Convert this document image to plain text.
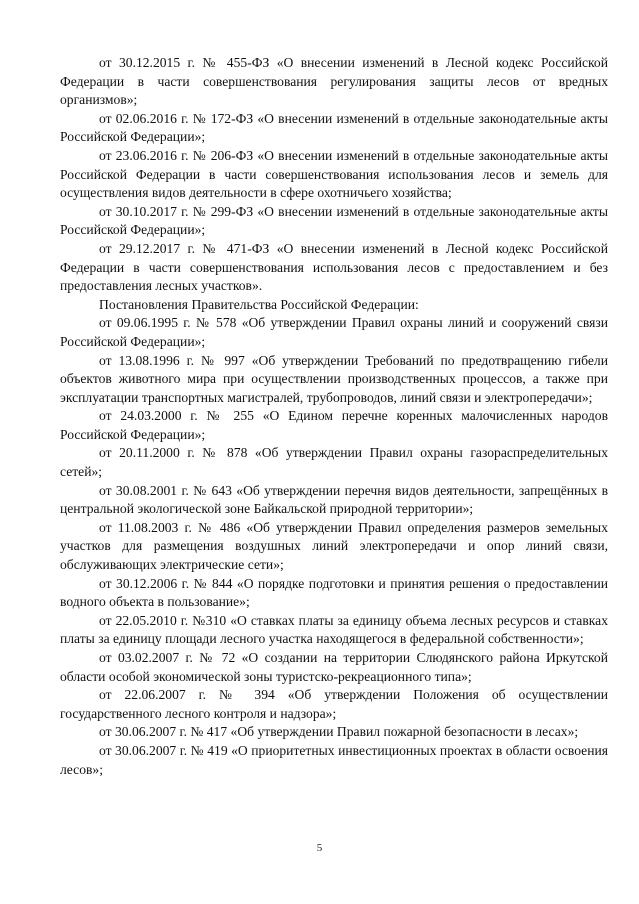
от 30.12.2015 г. № 455-ФЗ «О внесении изменений в Лесной кодекс Российской Федерации в части совершенствования регулирования защиты лесов от вредных организмов»;

от 02.06.2016 г. № 172-ФЗ «О внесении изменений в отдельные законодательные акты Российской Федерации»;

от 23.06.2016 г. № 206-ФЗ «О внесении изменений в отдельные законодательные акты Российской Федерации в части совершенствования использования лесов и земель для осуществления видов деятельности в сфере охотничьего хозяйства;

от 30.10.2017 г. № 299-ФЗ «О внесении изменений в отдельные законодательные акты Российской Федерации»;

от 29.12.2017 г. № 471-ФЗ «О внесении изменений в Лесной кодекс Российской Федерации в части совершенствования использования лесов с предоставлением и без предоставления лесных участков».

Постановления Правительства Российской Федерации:

от 09.06.1995 г. № 578 «Об утверждении Правил охраны линий и сооружений связи Российской Федерации»;

от 13.08.1996 г. № 997 «Об утверждении Требований по предотвращению гибели объектов животного мира при осуществлении производственных процессов, а также при эксплуатации транспортных магистралей, трубопроводов, линий связи и электропередачи»;

от 24.03.2000 г. № 255 «О Едином перечне коренных малочисленных народов Российской Федерации»;

от 20.11.2000 г. № 878 «Об утверждении Правил охраны газораспределительных сетей»;

от 30.08.2001 г. № 643 «Об утверждении перечня видов деятельности, запрещённых в центральной экологической зоне Байкальской природной территории»;

от 11.08.2003 г. № 486 «Об утверждении Правил определения размеров земельных участков для размещения воздушных линий электропередачи и опор линий связи, обслуживающих электрические сети»;

от 30.12.2006 г. № 844 «О порядке подготовки и принятия решения о предоставлении водного объекта в пользование»;

от 22.05.2010 г. №310 «О ставках платы за единицу объема лесных ресурсов и ставках платы за единицу площади лесного участка находящегося в федеральной собственности»;

от 03.02.2007 г. № 72 «О создании на территории Слюдянского района Иркутской области особой экономической зоны туристско-рекреационного типа»;

от 22.06.2007 г. № 394 «Об утверждении Положения об осуществлении государственного лесного контроля и надзора»;

от 30.06.2007 г. № 417 «Об утверждении Правил пожарной безопасности в лесах»;

от 30.06.2007 г. № 419 «О приоритетных инвестиционных проектах в области освоения лесов»;

5
